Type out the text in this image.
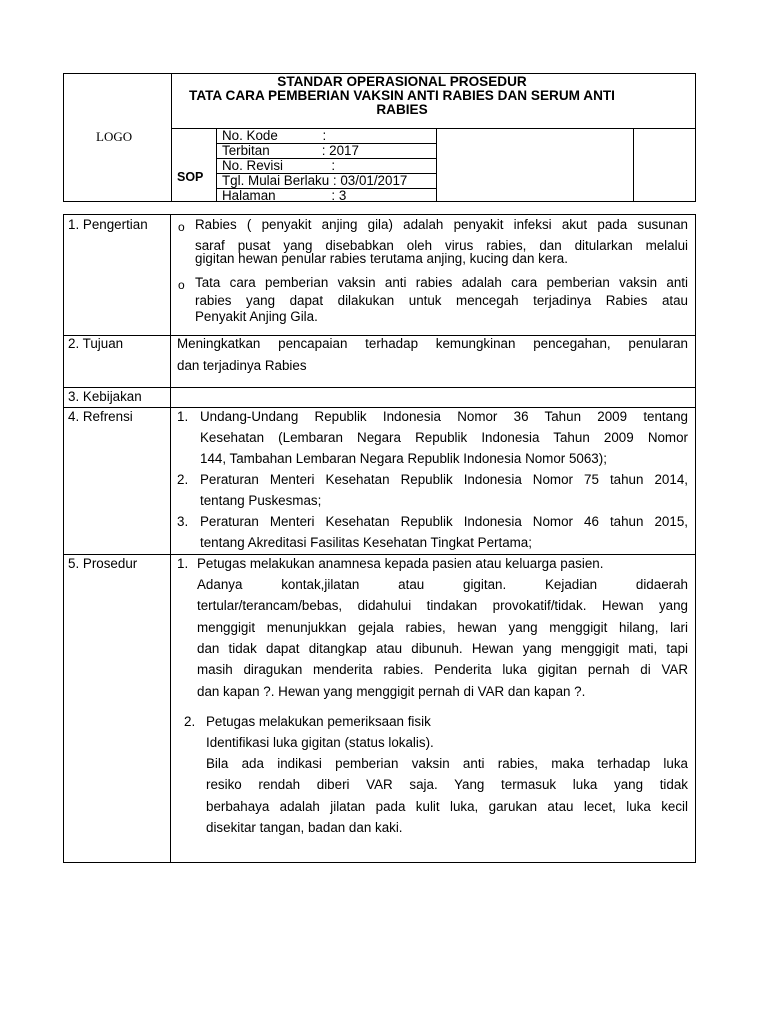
LOGO
STANDAR OPERASIONAL PROSEDUR
TATA CARA PEMBERIAN VAKSIN ANTI RABIES DAN SERUM ANTI
RABIES
SOP
No. Kode            :
Terbitan              : 2017
No. Revisi             :
Tgl. Mulai Berlaku : 03/01/2017
Halaman               : 3
1. Pengertian	o Rabies ( penyakit anjing gila) adalah penyakit infeksi akut pada susunan
saraf pusat yang disebabkan oleh virus rabies, dan ditularkan melalui
gigitan hewan penular rabies terutama anjing, kucing dan kera.
o Tata cara pemberian vaksin anti rabies adalah cara pemberian vaksin anti
rabies yang dapat dilakukan untuk mencegah terjadinya Rabies atau
Penyakit Anjing Gila.
2. Tujuan	Meningkatkan pencapaian terhadap kemungkinan pencegahan, penularan
dan terjadinya Rabies
3. Kebijakan
4. Refrensi	1. Undang-Undang Republik Indonesia Nomor 36 Tahun 2009 tentang
Kesehatan (Lembaran Negara Republik Indonesia Tahun 2009 Nomor
144, Tambahan Lembaran Negara Republik Indonesia Nomor 5063);
2. Peraturan Menteri Kesehatan Republik Indonesia Nomor 75 tahun 2014,
tentang Puskesmas;
3. Peraturan Menteri Kesehatan Republik Indonesia Nomor 46 tahun 2015,
tentang Akreditasi Fasilitas Kesehatan Tingkat Pertama;
5. Prosedur	1. Petugas melakukan anamnesa kepada pasien atau keluarga pasien.
Adanya        kontak,jilatan        atau        gigitan.        Kejadian        didaerah
tertular/terancam/bebas, didahului tindakan provokatif/tidak. Hewan yang
menggigit menunjukkan gejala rabies, hewan yang menggigit hilang, lari
dan tidak dapat ditangkap atau dibunuh. Hewan yang menggigit mati, tapi
masih diragukan menderita rabies. Penderita luka gigitan pernah di VAR
dan kapan ?. Hewan yang menggigit pernah di VAR dan kapan ?.
2. Petugas melakukan pemeriksaan fisik
Identifikasi luka gigitan (status lokalis).
Bila ada indikasi pemberian vaksin anti rabies, maka terhadap luka
resiko rendah diberi VAR saja. Yang termasuk luka yang tidak
berbahaya adalah jilatan pada kulit luka, garukan atau lecet, luka kecil
disekitar tangan, badan dan kaki.
